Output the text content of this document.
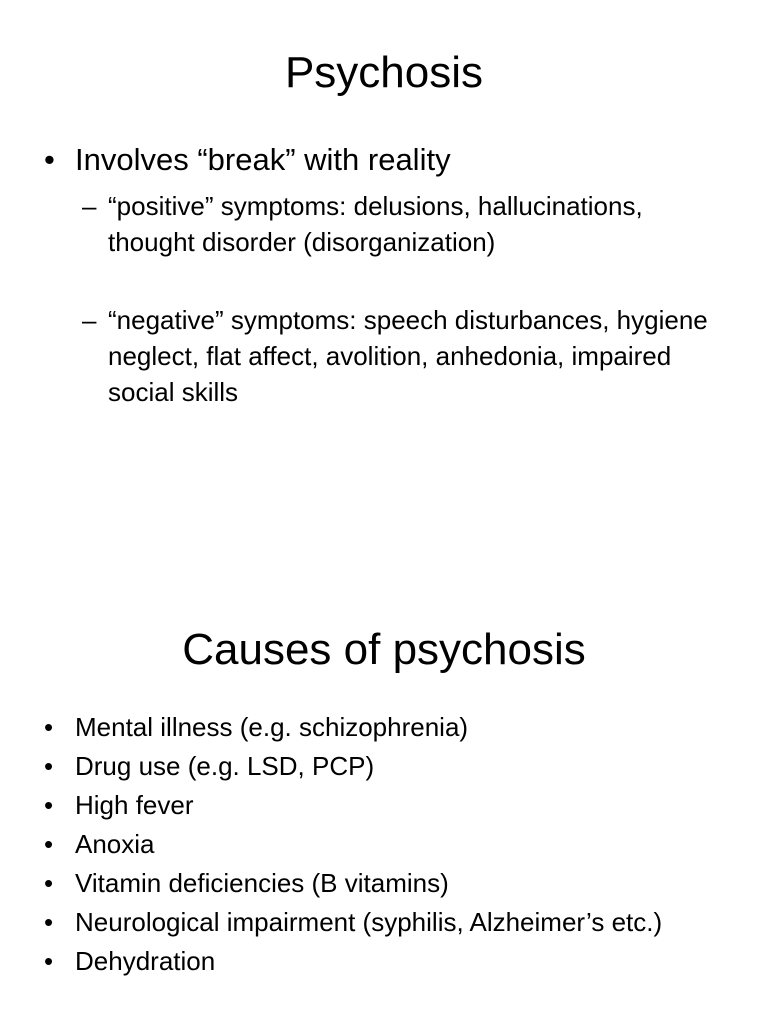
Psychosis
• Involves “break” with reality
– “positive” symptoms: delusions, hallucinations, thought disorder (disorganization)
– “negative” symptoms: speech disturbances, hygiene neglect, flat affect, avolition, anhedonia, impaired social skills
Causes of psychosis
• Mental illness (e.g. schizophrenia)
• Drug use (e.g. LSD, PCP)
• High fever
• Anoxia
• Vitamin deficiencies (B vitamins)
• Neurological impairment (syphilis, Alzheimer’s etc.)
• Dehydration
